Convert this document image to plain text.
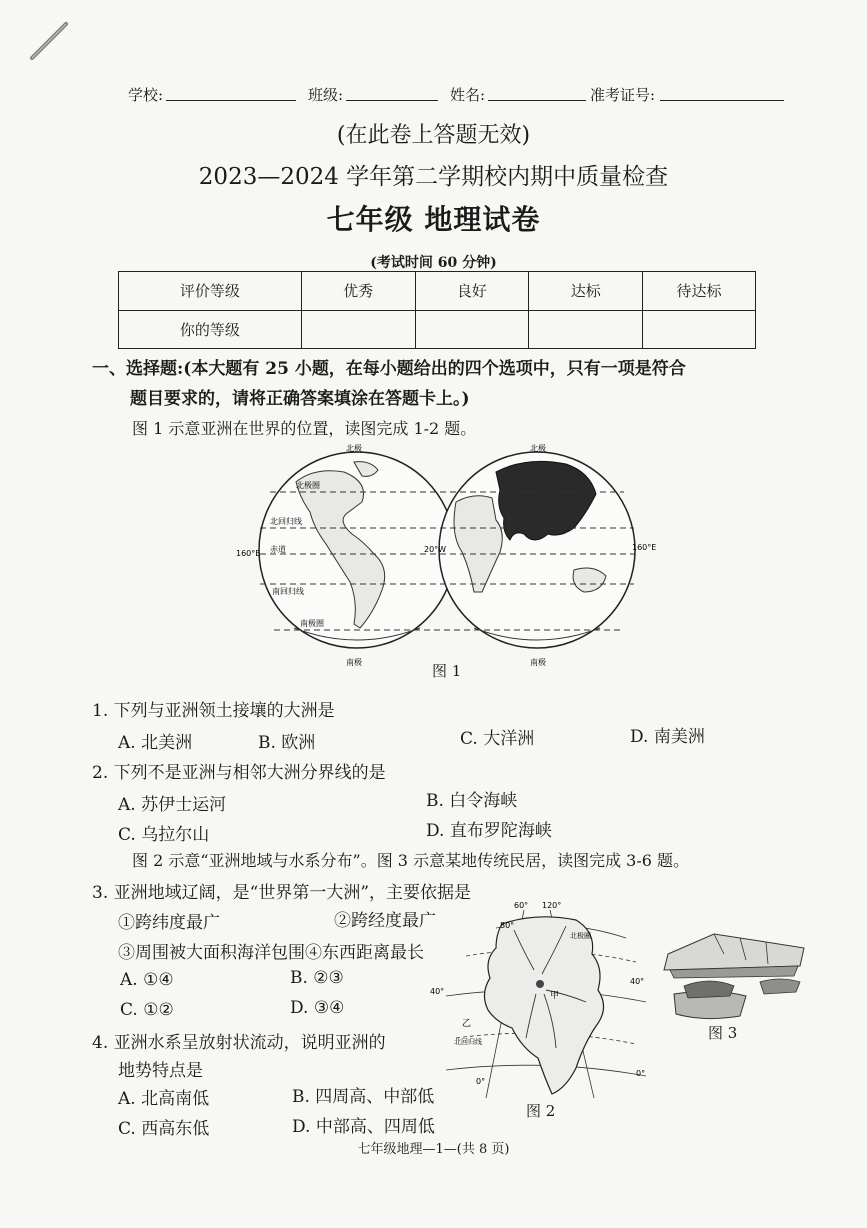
学校:	班级:	姓名:	准考证号:
(在此卷上答题无效)
2023—2024 学年第二学期校内期中质量检查
七年级 地理试卷
(考试时间 60 分钟)
评价等级	优秀	良好	达标	待达标
你的等级				
一、选择题:(本大题有 25 小题，在每小题给出的四个选项中，只有一项是符合
题目要求的，请将正确答案填涂在答题卡上。)
图 1 示意亚洲在世界的位置，读图完成 1-2 题。
北极	北极
北极圈
北回归线
160°E 赤道	20°W	160°E
南回归线
南极圈
南极	南极
图 1
1. 下列与亚洲领土接壤的大洲是
A. 北美洲	B. 欧洲	C. 大洋洲	D. 南美洲
2. 下列不是亚洲与相邻大洲分界线的是
A. 苏伊士运河	B. 白令海峡
C. 乌拉尔山	D. 直布罗陀海峡
图 2 示意“亚洲地域与水系分布”。图 3 示意某地传统民居，读图完成 3-6 题。
3. 亚洲地域辽阔，是“世界第一大洲”，主要依据是
①跨纬度最广	②跨经度最广
③周围被大面积海洋包围④东西距离最长
A. ①④	B. ②③
C. ①②	D. ③④
4. 亚洲水系呈放射状流动，说明亚洲的
地势特点是
A. 北高南低	B. 四周高、中部低
C. 西高东低	D. 中部高、四周低
60° 120°
80°
40°
40°
0°
0°
甲
乙
北极圈
北回归线
图 2
图 3
七年级地理—1—(共 8 页)
